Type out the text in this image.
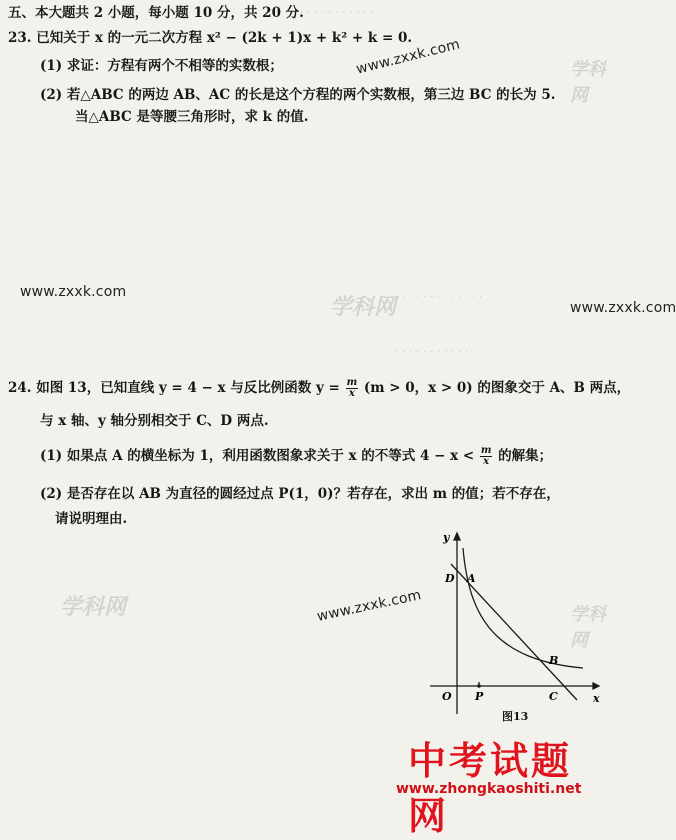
· · · · · · · · · · ·
· · · · · · · · · · · · ·
· · · · · · · · · · ·
五、本大题共 2 小题，每小题 10 分，共 20 分.
23. 已知关于 x 的一元二次方程 x² − (2k + 1)x + k² + k = 0.
(1) 求证：方程有两个不相等的实数根；
(2) 若△ABC 的两边 AB、AC 的长是这个方程的两个实数根，第三边 BC 的长为 5.
当△ABC 是等腰三角形时，求 k 的值.
24. 如图 13，已知直线 y = 4 − x 与反比例函数 $y = \frac{m}{x} (m > 0$，x > 0) 的图象交于 A、B 两点，
与 x 轴、y 轴分别相交于 C、D 两点.
(1) 如果点 A 的横坐标为 1，利用函数图象求关于 x 的不等式 $4 - x < \frac{m}{x}$ 的解集；
(2) 是否存在以 AB 为直径的圆经过点 P(1，0)？若存在，求出 m 的值；若不存在，
请说明理由.
www.zxxk.com
www.zxxk.com
www.zxxk.com
www.zxxk.com
学科网
学科网	学科网
学科网
y
x
D A
B
O P	C
图13
中考试题网
www.zhongkaoshiti.net
